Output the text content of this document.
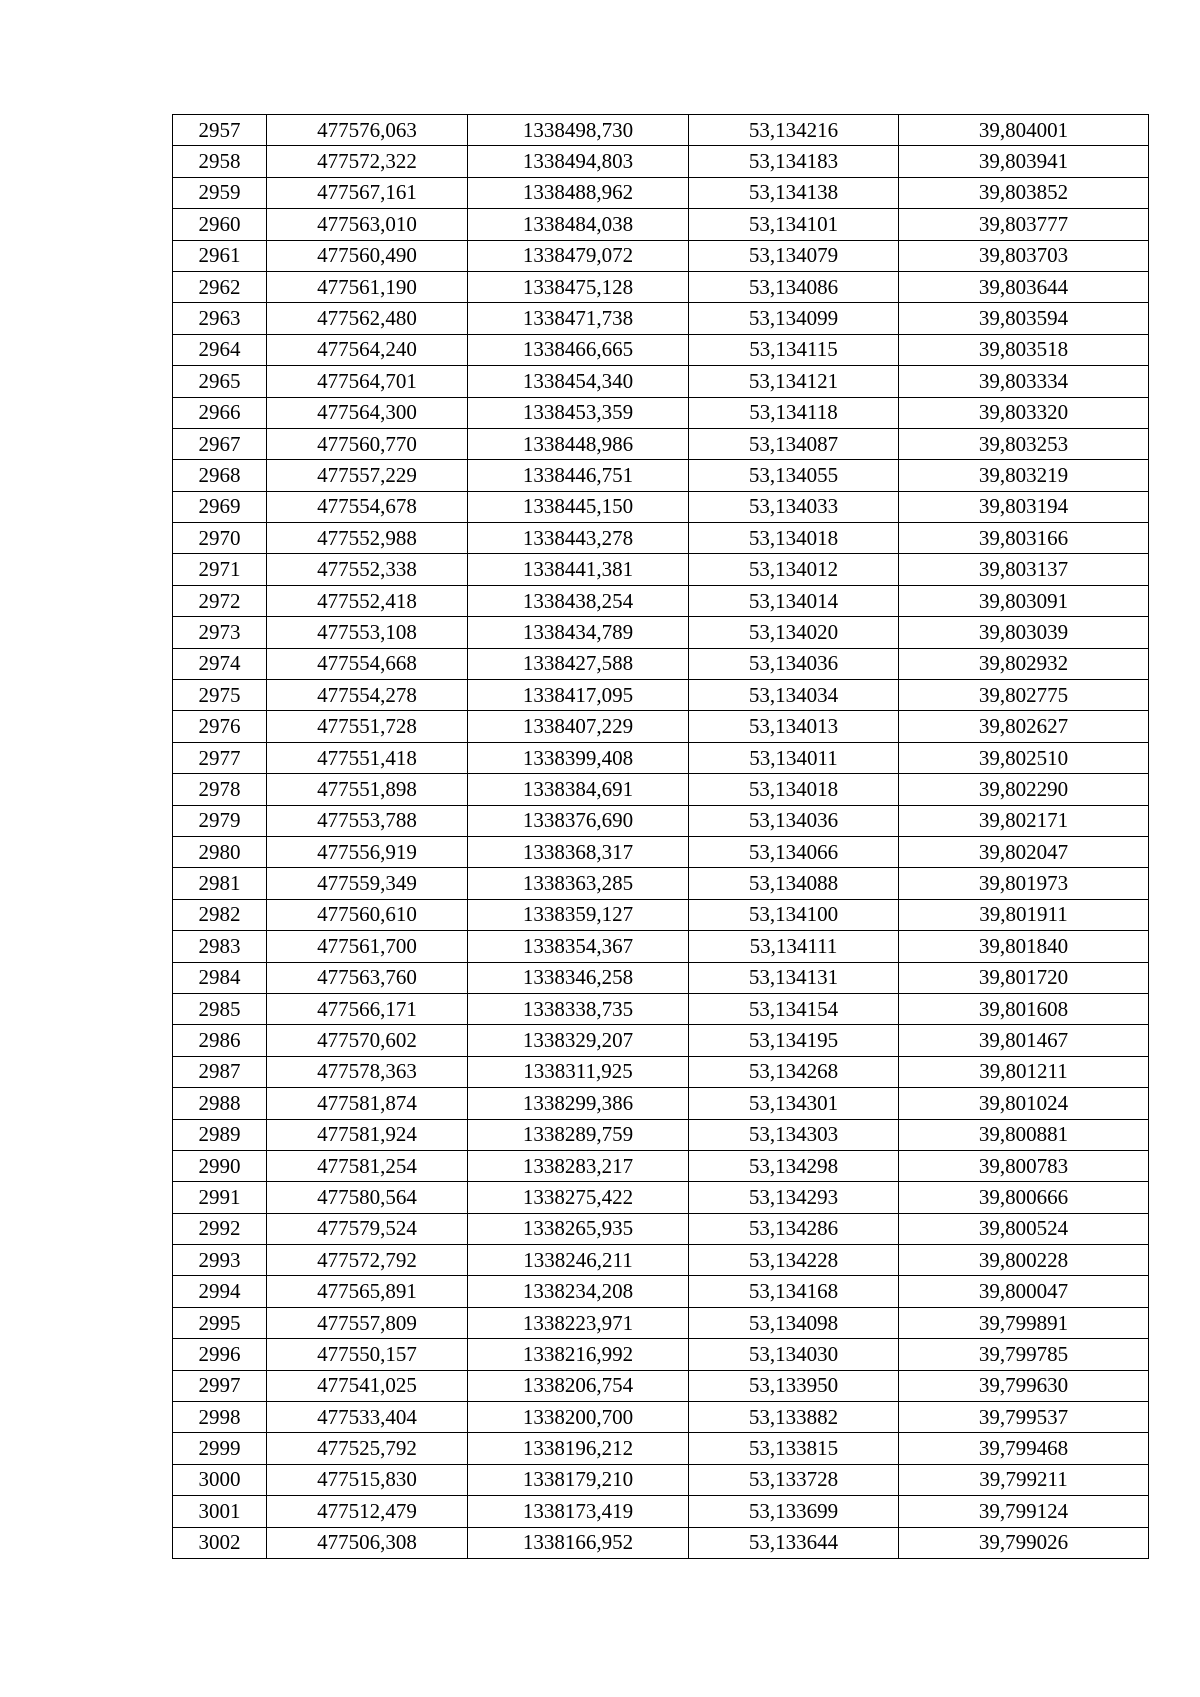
2957	477576,063	1338498,730	53,134216	39,804001
2958	477572,322	1338494,803	53,134183	39,803941
2959	477567,161	1338488,962	53,134138	39,803852
2960	477563,010	1338484,038	53,134101	39,803777
2961	477560,490	1338479,072	53,134079	39,803703
2962	477561,190	1338475,128	53,134086	39,803644
2963	477562,480	1338471,738	53,134099	39,803594
2964	477564,240	1338466,665	53,134115	39,803518
2965	477564,701	1338454,340	53,134121	39,803334
2966	477564,300	1338453,359	53,134118	39,803320
2967	477560,770	1338448,986	53,134087	39,803253
2968	477557,229	1338446,751	53,134055	39,803219
2969	477554,678	1338445,150	53,134033	39,803194
2970	477552,988	1338443,278	53,134018	39,803166
2971	477552,338	1338441,381	53,134012	39,803137
2972	477552,418	1338438,254	53,134014	39,803091
2973	477553,108	1338434,789	53,134020	39,803039
2974	477554,668	1338427,588	53,134036	39,802932
2975	477554,278	1338417,095	53,134034	39,802775
2976	477551,728	1338407,229	53,134013	39,802627
2977	477551,418	1338399,408	53,134011	39,802510
2978	477551,898	1338384,691	53,134018	39,802290
2979	477553,788	1338376,690	53,134036	39,802171
2980	477556,919	1338368,317	53,134066	39,802047
2981	477559,349	1338363,285	53,134088	39,801973
2982	477560,610	1338359,127	53,134100	39,801911
2983	477561,700	1338354,367	53,134111	39,801840
2984	477563,760	1338346,258	53,134131	39,801720
2985	477566,171	1338338,735	53,134154	39,801608
2986	477570,602	1338329,207	53,134195	39,801467
2987	477578,363	1338311,925	53,134268	39,801211
2988	477581,874	1338299,386	53,134301	39,801024
2989	477581,924	1338289,759	53,134303	39,800881
2990	477581,254	1338283,217	53,134298	39,800783
2991	477580,564	1338275,422	53,134293	39,800666
2992	477579,524	1338265,935	53,134286	39,800524
2993	477572,792	1338246,211	53,134228	39,800228
2994	477565,891	1338234,208	53,134168	39,800047
2995	477557,809	1338223,971	53,134098	39,799891
2996	477550,157	1338216,992	53,134030	39,799785
2997	477541,025	1338206,754	53,133950	39,799630
2998	477533,404	1338200,700	53,133882	39,799537
2999	477525,792	1338196,212	53,133815	39,799468
3000	477515,830	1338179,210	53,133728	39,799211
3001	477512,479	1338173,419	53,133699	39,799124
3002	477506,308	1338166,952	53,133644	39,799026
